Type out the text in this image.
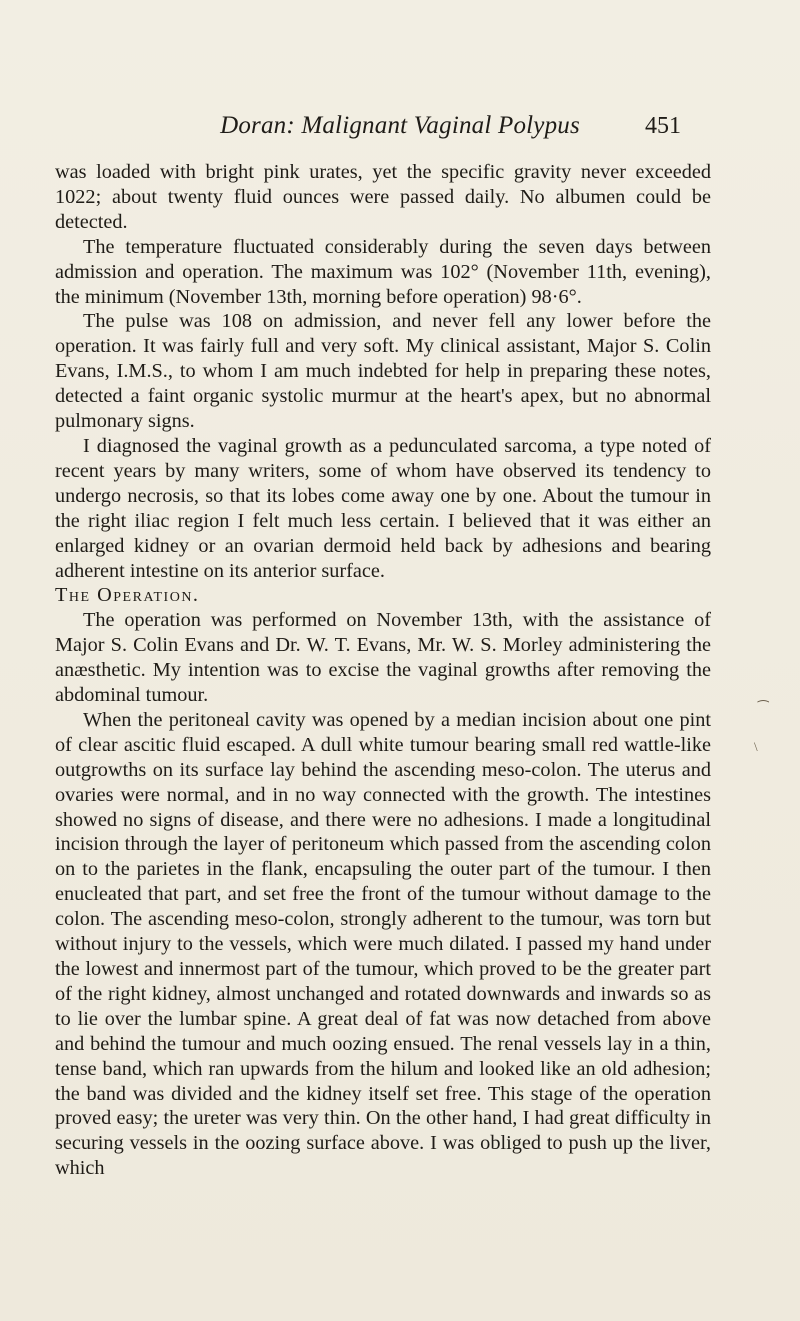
Doran: Malignant Vaginal Polypus	451

was loaded with bright pink urates, yet the specific gravity never exceeded 1022; about twenty fluid ounces were passed daily. No albumen could be detected.

The temperature fluctuated considerably during the seven days between admission and operation. The maximum was 102° (November 11th, evening), the minimum (November 13th, morning before operation) 98·6°.

The pulse was 108 on admission, and never fell any lower before the operation. It was fairly full and very soft. My clinical assistant, Major S. Colin Evans, I.M.S., to whom I am much indebted for help in preparing these notes, detected a faint organic systolic murmur at the heart's apex, but no abnormal pulmonary signs.

I diagnosed the vaginal growth as a pedunculated sarcoma, a type noted of recent years by many writers, some of whom have observed its tendency to undergo necrosis, so that its lobes come away one by one. About the tumour in the right iliac region I felt much less certain. I believed that it was either an enlarged kidney or an ovarian dermoid held back by adhesions and bearing adherent intestine on its anterior surface.

The Operation.

The operation was performed on November 13th, with the assistance of Major S. Colin Evans and Dr. W. T. Evans, Mr. W. S. Morley administering the anæsthetic. My intention was to excise the vaginal growths after removing the abdominal tumour.

When the peritoneal cavity was opened by a median incision about one pint of clear ascitic fluid escaped. A dull white tumour bearing small red wattle-like outgrowths on its surface lay behind the ascending meso-colon. The uterus and ovaries were normal, and in no way connected with the growth. The intestines showed no signs of disease, and there were no adhesions. I made a longitudinal incision through the layer of peritoneum which passed from the ascending colon on to the parietes in the flank, encapsuling the outer part of the tumour. I then enucleated that part, and set free the front of the tumour without damage to the colon. The ascending meso-colon, strongly adherent to the tumour, was torn but without injury to the vessels, which were much dilated. I passed my hand under the lowest and innermost part of the tumour, which proved to be the greater part of the right kidney, almost unchanged and rotated downwards and inwards so as to lie over the lumbar spine. A great deal of fat was now detached from above and behind the tumour and much oozing ensued. The renal vessels lay in a thin, tense band, which ran upwards from the hilum and looked like an old adhesion; the band was divided and the kidney itself set free. This stage of the operation proved easy; the ureter was very thin. On the other hand, I had great difficulty in securing vessels in the oozing surface above. I was obliged to push up the liver, which

⁀
\
